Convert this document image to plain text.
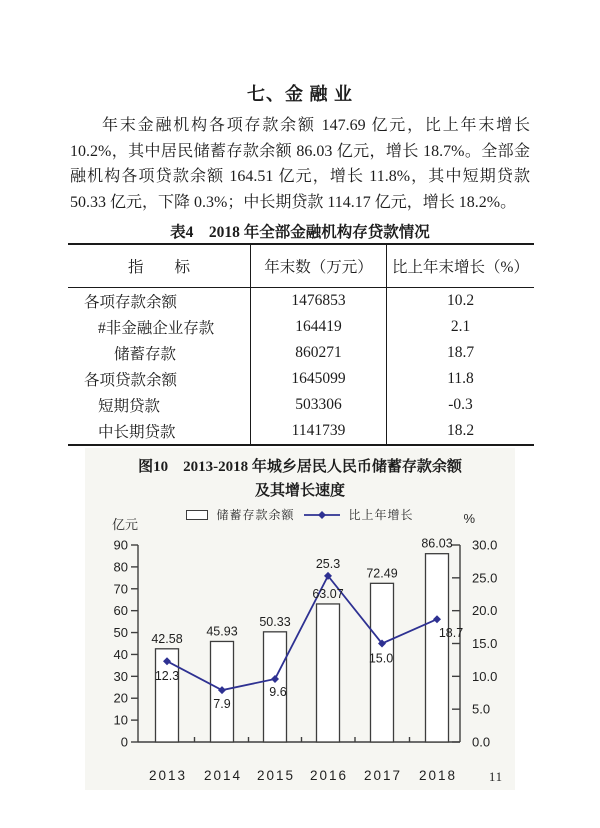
七、金 融 业

年末金融机构各项存款余额 147.69 亿元，比上年末增长 10.2%，其中居民储蓄存款余额 86.03 亿元，增长 18.7%。全部金融机构各项贷款余额 164.51 亿元，增长 11.8%，其中短期贷款 50.33 亿元，下降 0.3%；中长期贷款 114.17 亿元，增长 18.2%。

表4　2018 年全部金融机构存贷款情况
指　　标	年末数（万元）	比上年末增长（%）
各项存款余额	1476853	10.2
#非金融企业存款	164419	2.1
储蓄存款	860271	18.7
各项贷款余额	1645099	11.8
短期贷款	503306	-0.3
中长期贷款	1141739	18.2
图10　2013-2018 年城乡居民人民币储蓄存款余额
及其增长速度
储蓄存款余额	比上年增长
亿元	%
0
10
20
30
40
50
60
70
80
90
0.0
5.0
10.0
15.0
20.0
25.0
30.0
2013 2014 2015 2016 2017 2018
42.58
45.93
50.33
63.07
72.49
86.03
12.3
7.9
9.6
25.3
15.0
18.7
11
